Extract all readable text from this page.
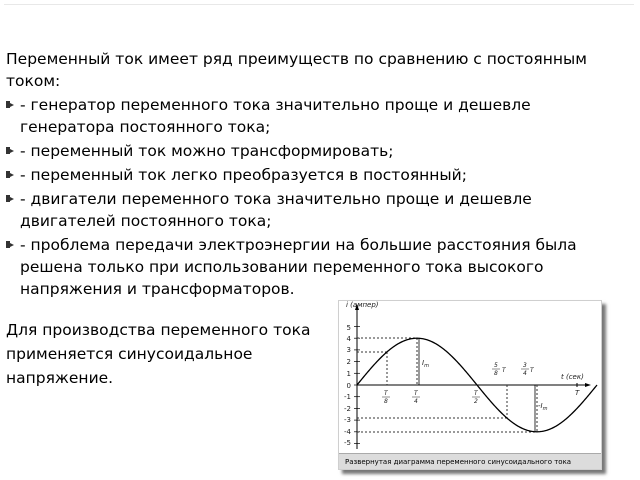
Переменный ток имеет ряд преимуществ по сравнению с постоянным током:

- генератор переменного тока значительно проще и дешевле генератора постоянного тока;
- переменный ток можно трансформировать;
- переменный ток легко преобразуется в постоянный;
- двигатели переменного тока значительно проще и дешевле двигателей постоянного тока;
- проблема передачи электроэнергии на большие расстояния была решена только при использовании переменного тока высокого напряжения и трансформаторов.
Для производства переменного тока применяется синусоидальное напряжение.
i (ампер)
t (сек)
5
4
3
2
1
0
-1
-2
-3
-4
-5
$I_m$
$-I_m$
T
8
T
4
T
2
3
4 T
5
8 T
T
Развернутая диаграмма переменного синусоидального тока
